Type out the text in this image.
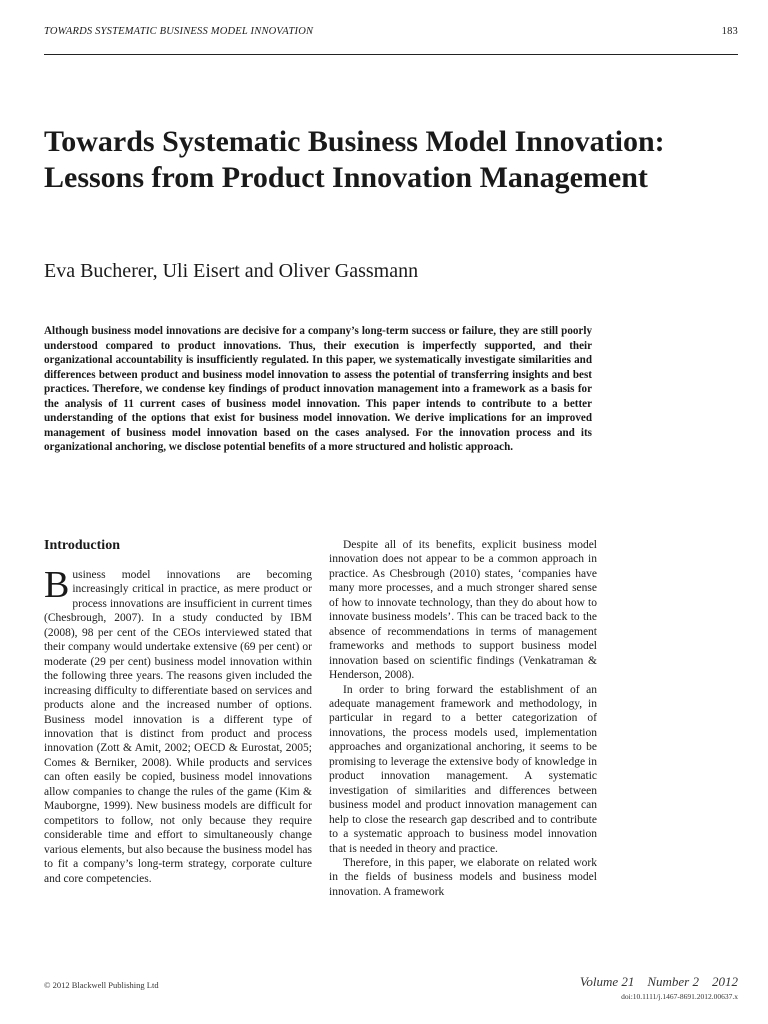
TOWARDS SYSTEMATIC BUSINESS MODEL INNOVATION	183
Towards Systematic Business Model Innovation: Lessons from Product Innovation Management
Eva Bucherer, Uli Eisert and Oliver Gassmann

Although business model innovations are decisive for a company’s long-term success or failure, they are still poorly understood compared to product innovations. Thus, their execution is imperfectly supported, and their organizational accountability is insufficiently regulated. In this paper, we systematically investigate similarities and differences between product and business model innovation to assess the potential of transferring insights and best practices. Therefore, we condense key findings of product innovation management into a framework as a basis for the analysis of 11 current cases of business model innovation. This paper intends to contribute to a better understanding of the options that exist for business model innovation. We derive implications for an improved management of business model innovation based on the cases analysed. For the innovation process and its organizational anchoring, we disclose potential benefits of a more structured and holistic approach.

Introduction

Business model innovations are becoming increasingly critical in practice, as mere product or process innovations are insufficient in current times (Chesbrough, 2007). In a study conducted by IBM (2008), 98 per cent of the CEOs interviewed stated that their company would undertake extensive (69 per cent) or moderate (29 per cent) business model innovation within the following three years. The reasons given included the increasing difficulty to differentiate based on services and products alone and the increased number of options. Business model innovation is a different type of innovation that is distinct from product and process innovation (Zott & Amit, 2002; OECD & Eurostat, 2005; Comes & Berniker, 2008). While products and services can often easily be copied, business model innovations allow companies to change the rules of the game (Kim & Mauborgne, 1999). New business models are difficult for competitors to follow, not only because they require considerable time and effort to simultaneously change various elements, but also because the business model has to fit a company’s long-term strategy, corporate culture and core competencies.

Despite all of its benefits, explicit business model innovation does not appear to be a common approach in practice. As Chesbrough (2010) states, ‘companies have many more processes, and a much stronger shared sense of how to innovate technology, than they do about how to innovate business models’. This can be traced back to the absence of recommendations in terms of management frameworks and methods to support business model innovation based on scientific findings (Venkatraman & Henderson, 2008).

In order to bring forward the establishment of an adequate management framework and methodology, in particular in regard to a better categorization of innovations, the process models used, implementation approaches and organizational anchoring, it seems to be promising to leverage the extensive body of knowledge in product innovation management. A systematic investigation of similarities and differences between business model and product innovation management can help to close the research gap described and to contribute to a systematic approach to business model innovation that is needed in theory and practice.

Therefore, in this paper, we elaborate on related work in the fields of business models and business model innovation. A framework

© 2012 Blackwell Publishing Ltd	Volume 21    Number 2    2012
doi:10.1111/j.1467-8691.2012.00637.x
